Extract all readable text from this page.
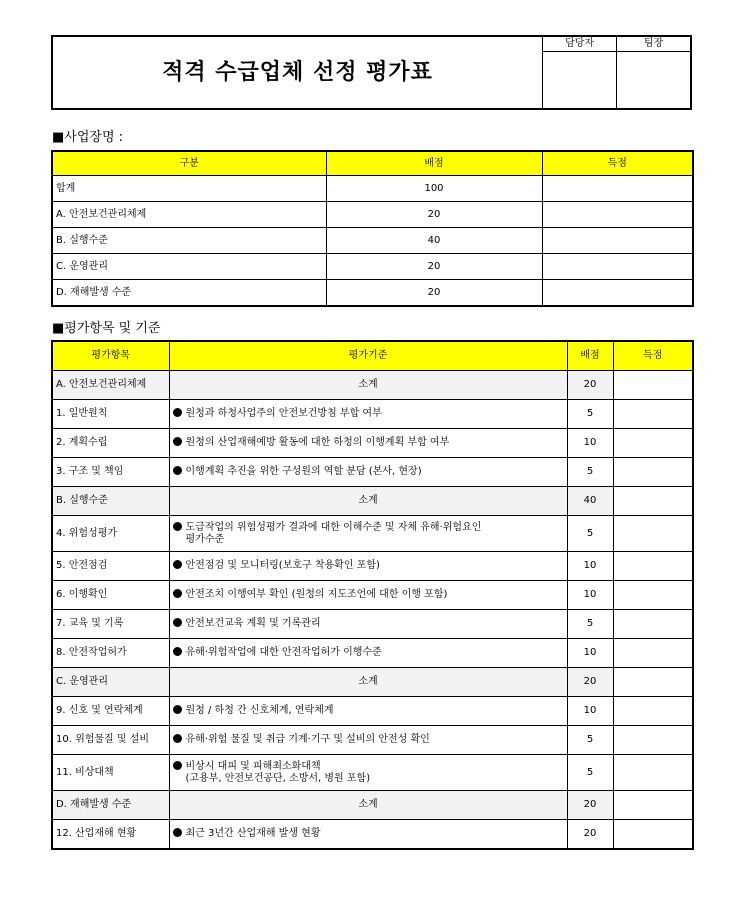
적격 수급업체 선정 평가표	담당자	팀장

■사업장명 :
구분	배점	득점
합계	100	
A. 안전보건관리체제	20	
B. 실행수준	40	
C. 운영관리	20	
D. 재해발생 수준	20	
■평가항목 및 기준
평가항목	평가기준	배점	득점
A. 안전보건관리체제	소계	20	
1. 일반원칙	원청과 하청사업주의 안전보건방침 부합 여부	5	
2. 계획수립	원청의 산업재해예방 활동에 대한 하청의 이행계획 부합 여부	10	
3. 구조 및 책임	이행계획 추진을 위한 구성원의 역할 분담 (본사, 현장)	5	
B. 실행수준	소계	40	
4. 위험성평가	도급작업의 위험성평가 결과에 대한 이해수준 및 자체 유해·위험요인
평가수준	5	
5. 안전점검	안전점검 및 모니터링(보호구 착용확인 포함)	10	
6. 이행확인	안전조치 이행여부 확인 (원청의 지도조언에 대한 이행 포함)	10	
7. 교육 및 기록	안전보건교육 계획 및 기록관리	5	
8. 안전작업허가	유해·위험작업에 대한 안전작업허가 이행수준	10	
C. 운영관리	소계	20	
9. 신호 및 연락체계	원청 / 하청 간 신호체계, 연락체계	10	
10. 위험물질 및 설비	유해·위험 물질 및 취급 기계·기구 및 설비의 안전성 확인	5	
11. 비상대책	비상시 대피 및 피해최소화대책
(고용부, 안전보건공단, 소방서, 병원 포함)	5	
D. 재해발생 수준	소계	20	
12. 산업재해 현황	최근 3년간 산업재해 발생 현황	20	
